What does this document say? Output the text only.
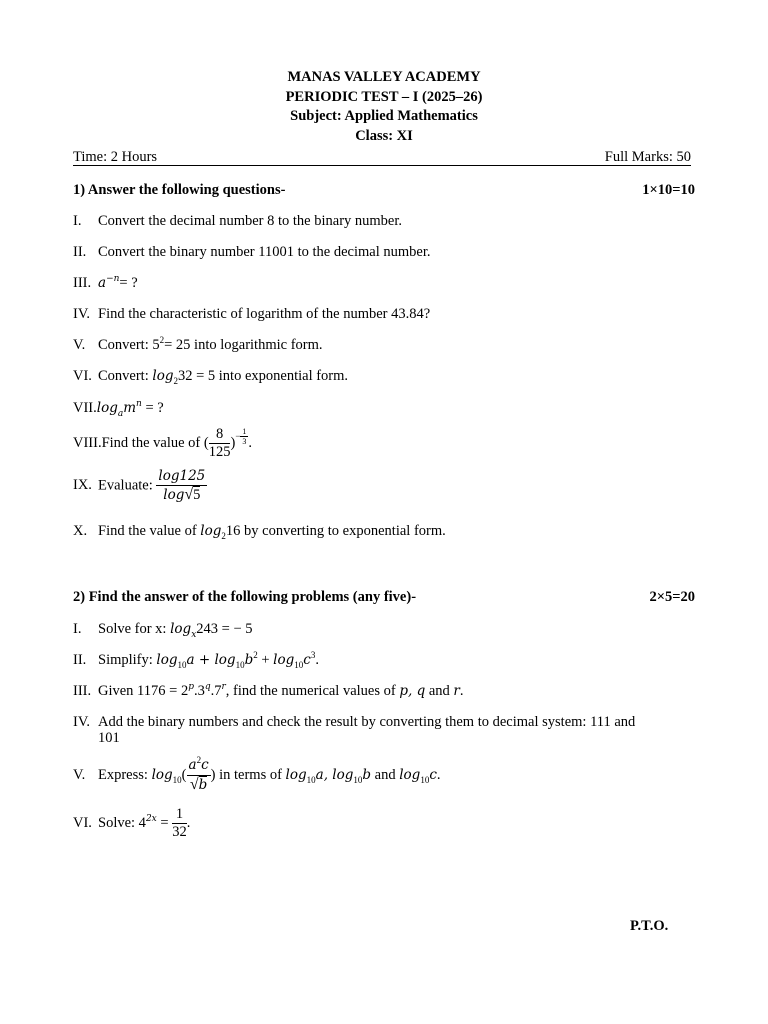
MANAS VALLEY ACADEMY
PERIODIC TEST – I (2025–26)
Subject: Applied Mathematics
Class: XI
Time: 2 Hours	Full Marks: 50
1) Answer the following questions-	1×10=10
I. Convert the decimal number 8 to the binary number.
II. Convert the binary number 11001 to the decimal number.
III. $a^{-n}=$ ?
IV. Find the characteristic of logarithm of the number 43.84?
V. Convert: $5^2= 25$ into logarithmic form.
VI. Convert: $\log_232 = 5$ into exponential form.
$VII.\log_am^n$ = ?
VIII.Find the value of ( $\frac{8}{125} )^{- \frac{1}{3}}$ .
IX. Evaluate: $\frac{\log 125}{\log√5}$
X. Find the value of $\log_216$ by converting to exponential form.
2) Find the answer of the following problems (any five)-	2×5=20
I. Solve for x: $\log_x243$ = − 5
II. Simplify: $\log_{10}a + \log_{10}b^2 + \log_{10}c^3$.
III. Given $1176 = 2^p.3^q.7^r$, find the numerical values of p, q and r.
IV. Add the binary numbers and check the result by converting them to decimal system: 111 and
101
V. Express: $\log_{10}( \frac{a^2c}{√b}$ ) in terms of $\log_{10}a$, $\log_{10}b$ and $\log_{10}c$.
VI. Solve: $4^{2x} = \frac{1}{32}$ .
P.T.O.
